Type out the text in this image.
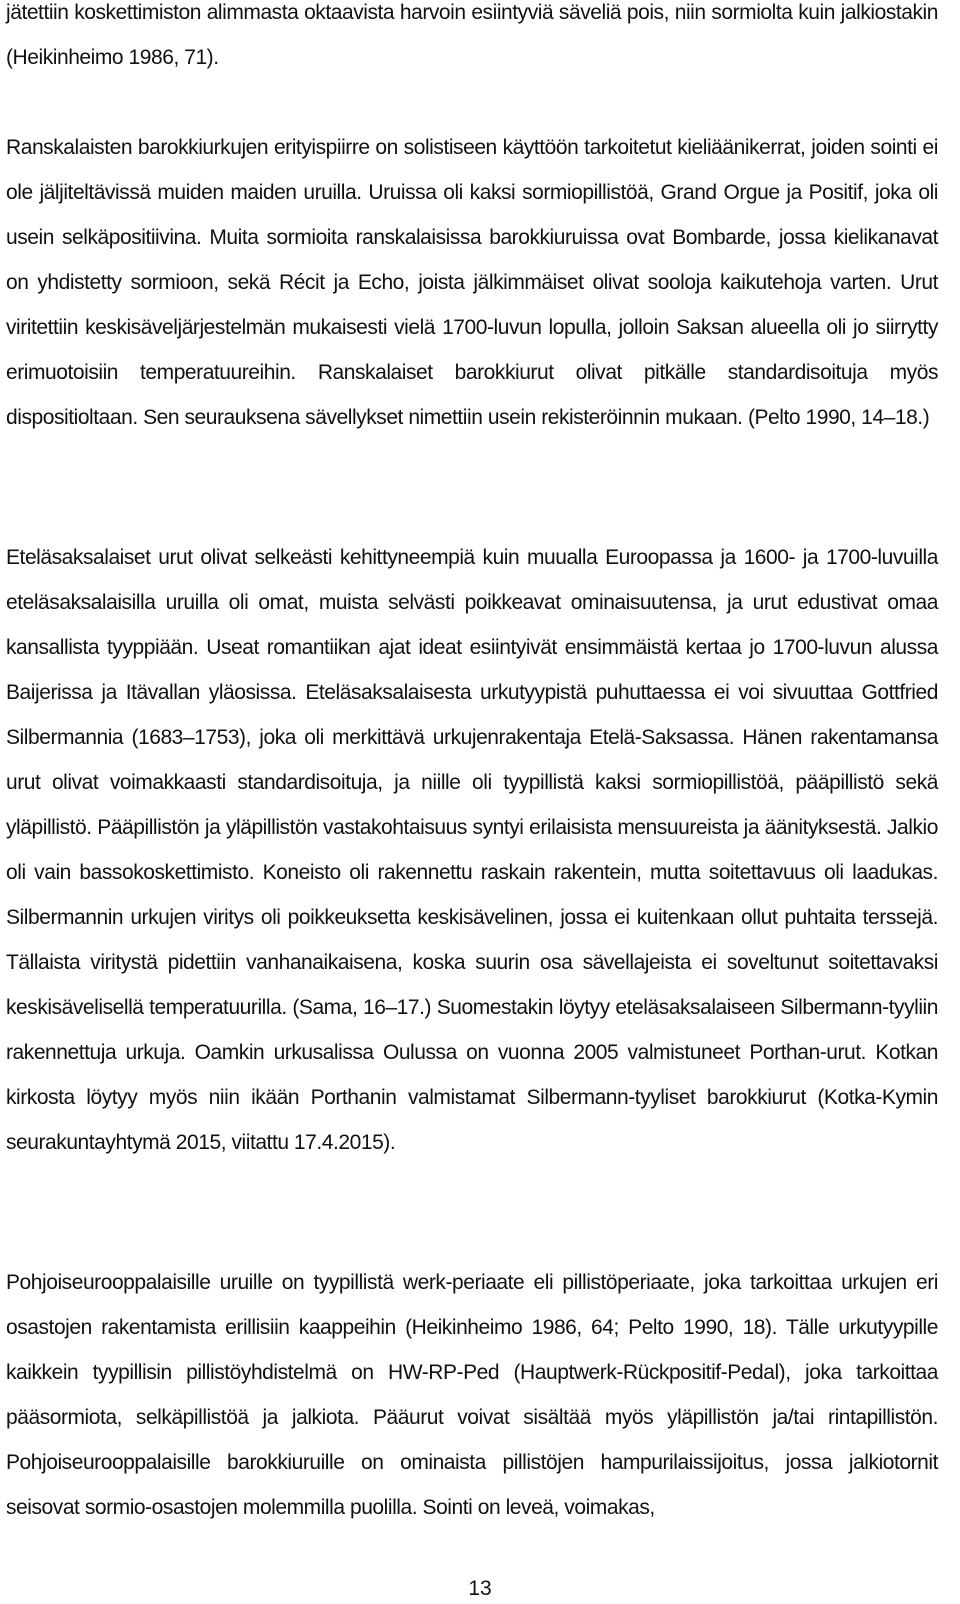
jätettiin koskettimiston alimmasta oktaavista harvoin esiintyviä säveliä pois, niin sormiolta kuin jalkiostakin (Heikinheimo 1986, 71).

Ranskalaisten barokkiurkujen erityispiirre on solistiseen käyttöön tarkoitetut kieliäänikerrat, joiden sointi ei ole jäljiteltävissä muiden maiden uruilla. Uruissa oli kaksi sormiopillistöä, Grand Orgue ja Positif, joka oli usein selkäpositiivina. Muita sormioita ranskalaisissa barokkiuruissa ovat Bombarde, jossa kielikanavat on yhdistetty sormioon, sekä Récit ja Echo, joista jälkimmäiset olivat sooloja kaikutehoja varten. Urut viritettiin keskisäveljärjestelmän mukaisesti vielä 1700-luvun lopulla, jolloin Saksan alueella oli jo siirrytty erimuotoisiin temperatuureihin. Ranskalaiset barokkiurut olivat pitkälle standardisoituja myös dispositioltaan. Sen seurauksena sävellykset nimettiin usein rekisteröinnin mukaan. (Pelto 1990, 14–18.)

Eteläsaksalaiset urut olivat selkeästi kehittyneempiä kuin muualla Euroopassa ja 1600- ja 1700-luvuilla eteläsaksalaisilla uruilla oli omat, muista selvästi poikkeavat ominaisuutensa, ja urut edustivat omaa kansallista tyyppiään. Useat romantiikan ajat ideat esiintyivät ensimmäistä kertaa jo 1700-luvun alussa Baijerissa ja Itävallan yläosissa. Eteläsaksalaisesta urkutyypistä puhuttaessa ei voi sivuuttaa Gottfried Silbermannia (1683–1753), joka oli merkittävä urkujenrakentaja Etelä-Saksassa. Hänen rakentamansa urut olivat voimakkaasti standardisoituja, ja niille oli tyypillistä kaksi sormiopillistöä, pääpillistö sekä yläpillistö. Pääpillistön ja yläpillistön vastakohtaisuus syntyi erilaisista mensuureista ja äänityksestä. Jalkio oli vain bassokoskettimisto. Koneisto oli rakennettu raskain rakentein, mutta soitettavuus oli laadukas. Silbermannin urkujen viritys oli poikkeuksetta keskisävelinen, jossa ei kuitenkaan ollut puhtaita terssejä. Tällaista viritystä pidettiin vanhanaikaisena, koska suurin osa sävellajeista ei soveltunut soitettavaksi keskisävelisellä temperatuurilla. (Sama, 16–17.) Suomestakin löytyy eteläsaksalaiseen Silbermann-tyyliin rakennettuja urkuja. Oamkin urkusalissa Oulussa on vuonna 2005 valmistuneet Porthan-urut. Kotkan kirkosta löytyy myös niin ikään Porthanin valmistamat Silbermann-tyyliset barokkiurut (Kotka-Kymin seurakuntayhtymä 2015, viitattu 17.4.2015).

Pohjoiseurooppalaisille uruille on tyypillistä werk-periaate eli pillistöperiaate, joka tarkoittaa urkujen eri osastojen rakentamista erillisiin kaappeihin (Heikinheimo 1986, 64; Pelto 1990, 18). Tälle urkutyypille kaikkein tyypillisin pillistöyhdistelmä on HW-RP-Ped (Hauptwerk-Rückpositif-Pedal), joka tarkoittaa pääsormiota, selkäpillistöä ja jalkiota. Pääurut voivat sisältää myös yläpillistön ja/tai rintapillistön. Pohjoiseurooppalaisille barokkiuruille on ominaista pillistöjen hampurilaissijoitus, jossa jalkiotornit seisovat sormio-osastojen molemmilla puolilla. Sointi on leveä, voimakas,

13
